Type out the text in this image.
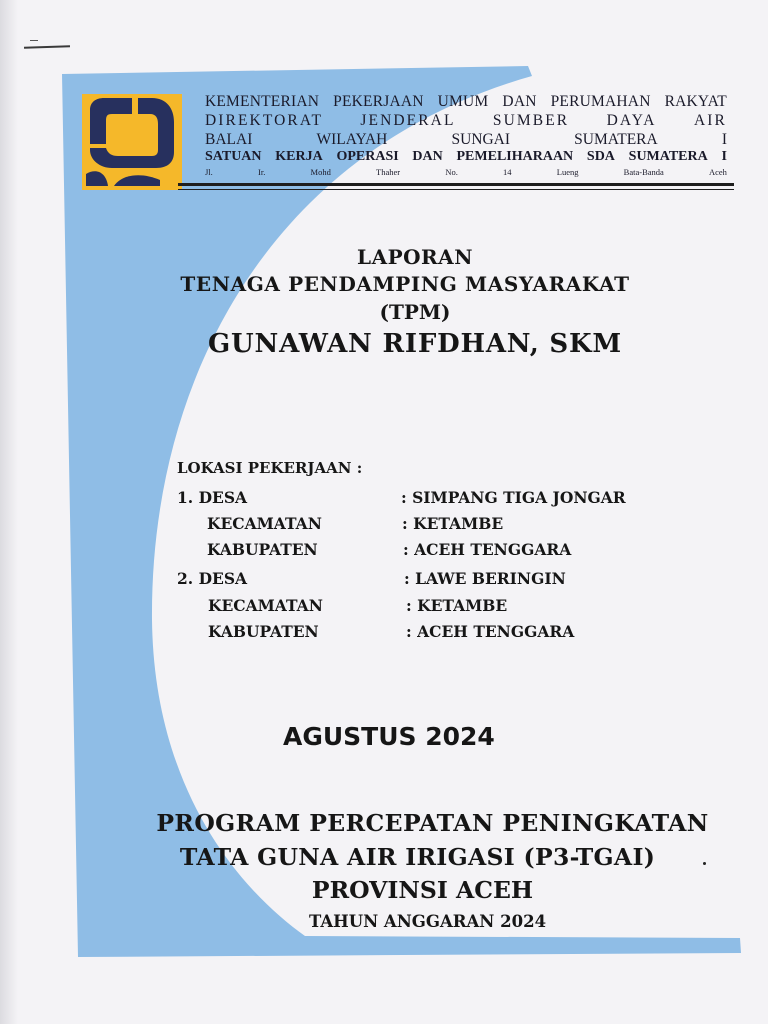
KEMENTERIAN PEKERJAAN UMUM DAN PERUMAHAN RAKYAT
DIREKTORAT JENDERAL SUMBER DAYA AIR
BALAI	WILAYAH	SUNGAI	SUMATERA	I
SATUAN KERJA OPERASI DAN PEMELIHARAAN SDA SUMATERA I
Jl.	Ir.	Mohd	Thaher	No.	14	Lueng	Bata-Banda	Aceh
LAPORAN
TENAGA PENDAMPING MASYARAKAT
(TPM)
GUNAWAN RIFDHAN, SKM
LOKASI PEKERJAAN :
1. DESA	: SIMPANG TIGA JONGAR
KECAMATAN	: KETAMBE
KABUPATEN	: ACEH TENGGARA
2. DESA	: LAWE BERINGIN
KECAMATAN	: KETAMBE
KABUPATEN	: ACEH TENGGARA
AGUSTUS 2024
PROGRAM PERCEPATAN PENINGKATAN
TATA GUNA AIR IRIGASI (P3-TGAI)
PROVINSI ACEH
TAHUN ANGGARAN 2024
